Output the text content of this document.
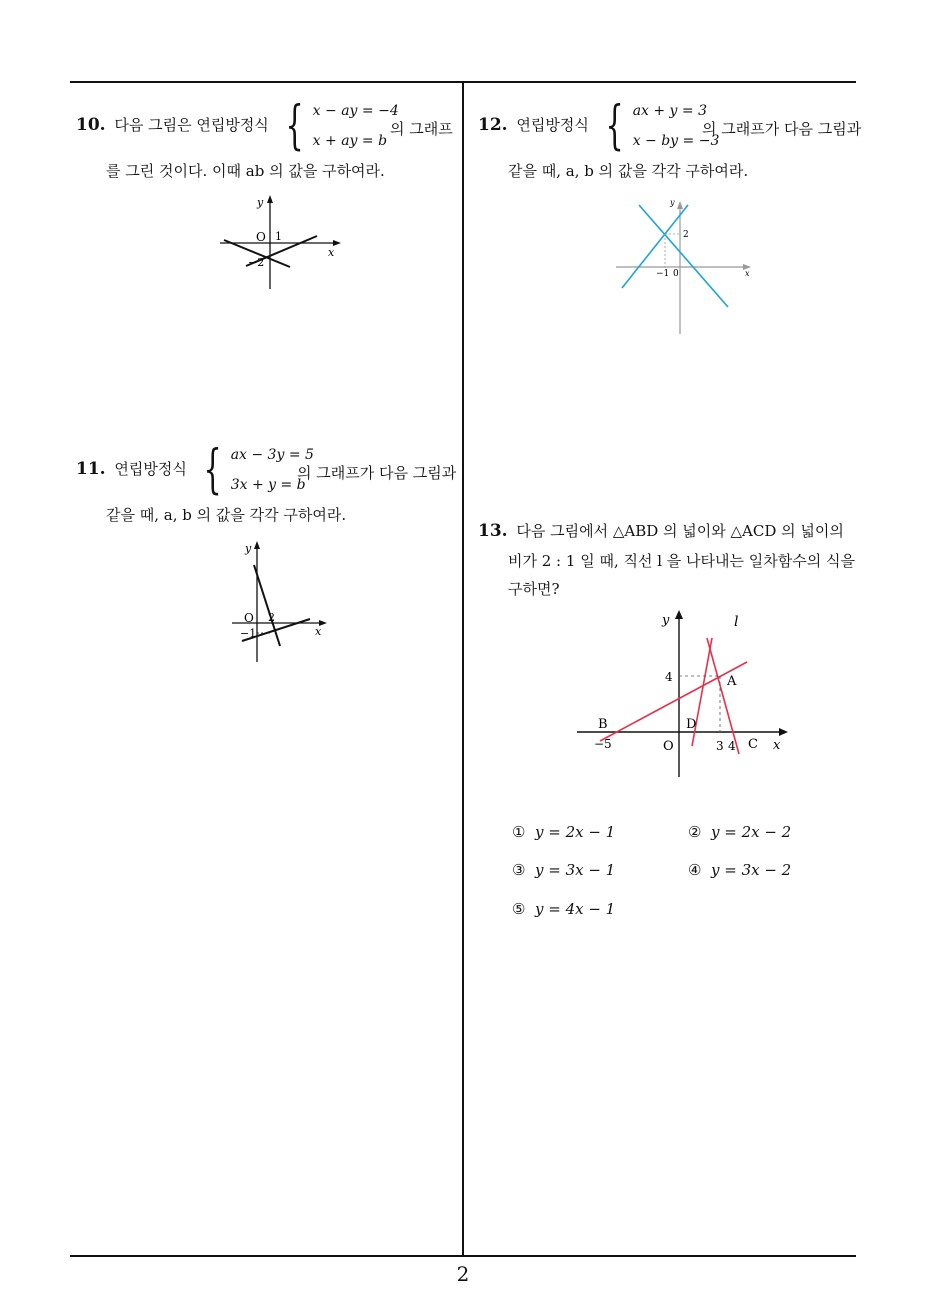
10. 다음 그림은 연립방정식 { x − ay = −4
x + ay = b
의 그래프
를 그린 것이다. 이때 ab 의 값을 구하여라.
y
x
O 1
−2
11. 연립방정식 { ax − 3y = 5
3x + y = b
의 그래프가 다음 그림과
같을 때, a, b 의 값을 각각 구하여라.
y
x
O 2
−1
12. 연립방정식 { ax + y = 3
x − by = −3
의 그래프가 다음 그림과
같을 때, a, b 의 값을 각각 구하여라.
y
x
0
−1
2
13. 다음 그림에서 △ABD 의 넓이와 △ACD 의 넓이의
비가 2 : 1 일 때, 직선 l 을 나타내는 일차함수의 식을
구하면?
y
x
l
O
A
B
C
D
4
−5	3 4
① y = 2x − 1	② y = 2x − 2
③ y = 3x − 1	④ y = 3x − 2
⑤ y = 4x − 1
2
